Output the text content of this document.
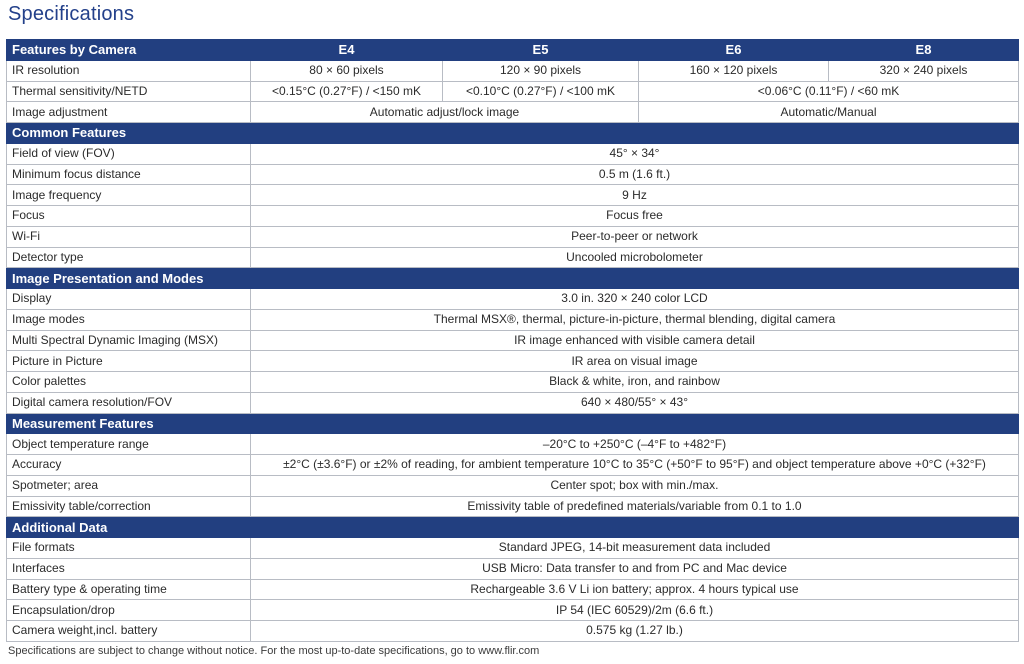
Specifications
Features by Camera	E4	E5	E6	E8
IR resolution	80 × 60 pixels	120 × 90 pixels	160 × 120 pixels	320 × 240 pixels
Thermal sensitivity/NETD	<0.15°C (0.27°F) / <150 mK	<0.10°C (0.27°F) / <100 mK	<0.06°C (0.11°F) / <60 mK	
Image adjustment	Automatic adjust/lock image		Automatic/Manual	
Common Features				
Field of view (FOV)	45° × 34°			
Minimum focus distance	0.5 m (1.6 ft.)			
Image frequency	9 Hz			
Focus	Focus free			
Wi-Fi	Peer-to-peer or network			
Detector type	Uncooled microbolometer			
Image Presentation and Modes				
Display	3.0 in. 320 × 240 color LCD			
Image modes	Thermal MSX®, thermal, picture-in-picture, thermal blending, digital camera			
Multi Spectral Dynamic Imaging (MSX)	IR image enhanced with visible camera detail			
Picture in Picture	IR area on visual image			
Color palettes	Black & white, iron, and rainbow			
Digital camera resolution/FOV	640 × 480/55° × 43°			
Measurement Features				
Object temperature range	–20°C to +250°C (–4°F to +482°F)			
Accuracy	±2°C (±3.6°F) or ±2% of reading, for ambient temperature 10°C to 35°C (+50°F to 95°F) and object temperature above +0°C (+32°F)			
Spotmeter; area	Center spot; box with min./max.			
Emissivity table/correction	Emissivity table of predefined materials/variable from 0.1 to 1.0			
Additional Data				
File formats	Standard JPEG, 14-bit measurement data included			
Interfaces	USB Micro: Data transfer to and from PC and Mac device			
Battery type & operating time	Rechargeable 3.6 V Li ion battery; approx. 4 hours typical use			
Encapsulation/drop	IP 54 (IEC 60529)/2m (6.6 ft.)			
Camera weight,incl. battery	0.575 kg (1.27 lb.)			
Specifications are subject to change without notice. For the most up-to-date specifications, go to www.flir.com
